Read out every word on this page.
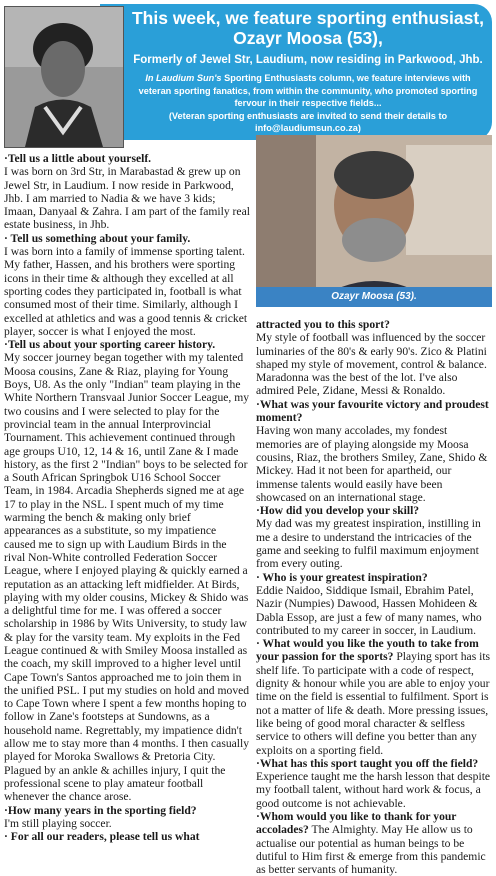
This week, we feature sporting enthusiast,

Ozayr Moosa (53),

Formerly of Jewel Str, Laudium, now residing in Parkwood, Jhb.

In Laudium Sun's Sporting Enthusiasts column, we feature interviews with veteran sporting fanatics, from within the community, who promoted sporting fervour in their respective fields...

(Veteran sporting enthusiasts are invited to send their details to info@laudiumsun.co.za)

Ozayr Moosa (53).

·Tell us a little about yourself.
I was born on 3rd Str, in Marabastad & grew up on Jewel Str, in Laudium. I now reside in Parkwood, Jhb. I am married to Nadia & we have 3 kids; Imaan, Danyaal & Zahra. I am part of the family real estate business, in Jhb.

· Tell us something about your family.
I was born into a family of immense sporting talent. My father, Hassen, and his brothers were sporting icons in their time & although they excelled at all sporting codes they participated in, football is what consumed most of their time. Similarly, although I excelled at athletics and was a good tennis & cricket player, soccer is what I enjoyed the most.

·Tell us about your sporting career history.
My soccer journey began together with my talented Moosa cousins, Zane & Riaz, playing for Young Boys, U8. As the only "Indian" team playing in the White Northern Transvaal Junior Soccer League, my two cousins and I were selected to play for the provincial team in the annual Interprovincial Tournament. This achievement continued through age groups U10, 12, 14 & 16, until Zane & I made history, as the first 2 "Indian" boys to be selected for a South African Springbok U16 School Soccer Team, in 1984. Arcadia Shepherds signed me at age 17 to play in the NSL. I spent much of my time warming the bench & making only brief appearances as a substitute, so my impatience caused me to sign up with Laudium Birds in the rival Non-White controlled Federation Soccer League, where I enjoyed playing & quickly earned a reputation as an attacking left midfielder. At Birds, playing with my older cousins, Mickey & Shido was a delightful time for me. I was offered a soccer scholarship in 1986 by Wits University, to study law & play for the varsity team. My exploits in the Fed League continued & with Smiley Moosa installed as the coach, my skill improved to a higher level until Cape Town's Santos approached me to join them in the unified PSL. I put my studies on hold and moved to Cape Town where I spent a few months hoping to follow in Zane's footsteps at Sundowns, as a household name. Regrettably, my impatience didn't allow me to stay more than 4 months. I then casually played for Moroka Swallows & Pretoria City. Plagued by an ankle & achilles injury, I quit the professional scene to play amateur football whenever the chance arose.

·How many years in the sporting field?
I'm still playing soccer.

· For all our readers, please tell us what

attracted you to this sport?
My style of football was influenced by the soccer luminaries of the 80's & early 90's. Zico & Platini shaped my style of movement, control & balance. Maradonna was the best of the lot. I've also admired Pele, Zidane, Messi & Ronaldo.

·What was your favourite victory and proudest moment?
Having won many accolades, my fondest memories are of playing alongside my Moosa cousins, Riaz, the brothers Smiley, Zane, Shido & Mickey. Had it not been for apartheid, our immense talents would easily have been showcased on an international stage.

·How did you develop your skill?
My dad was my greatest inspiration, instilling in me a desire to understand the intricacies of the game and seeking to fulfil maximum enjoyment from every outing.

· Who is your greatest inspiration?
Eddie Naidoo, Siddique Ismail, Ebrahim Patel, Nazir (Numpies) Dawood, Hassen Mohideen & Dabla Essop, are just a few of many names, who contributed to my career in soccer, in Laudium.

· What would you like the youth to take from your passion for the sports? Playing sport has its shelf life. To participate with a code of respect, dignity & honour while you are able to enjoy your time on the field is essential to fulfilment. Sport is not a matter of life & death. More pressing issues, like being of good moral character & selfless service to others will define you better than any exploits on a sporting field.

·What has this sport taught you off the field?
Experience taught me the harsh lesson that despite my football talent, without hard work & focus, a good outcome is not achievable.

·Whom would you like to thank for your accolades? The Almighty. May He allow us to actualise our potential as human beings to be dutiful to Him first & emerge from this pandemic as better servants of humanity.
